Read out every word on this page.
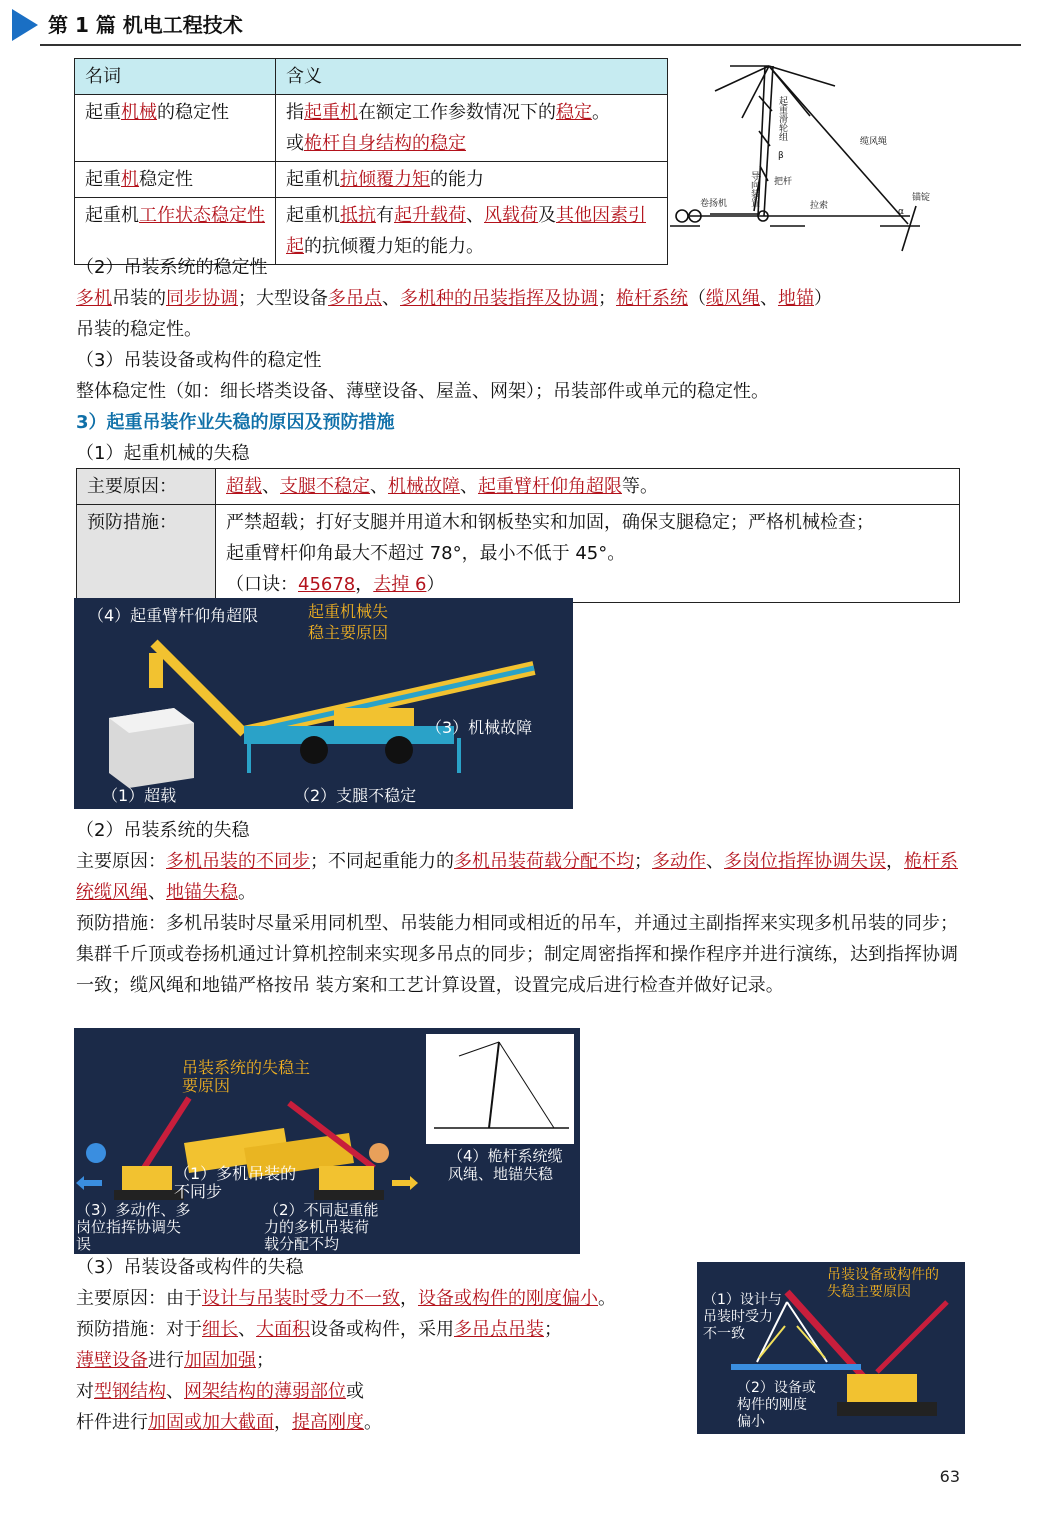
第 1 篇 机电工程技术
名词	含义
起重机械的稳定性	指起重机在额定工作参数情况下的稳定。
或桅杆自身结构的稳定
起重机稳定性	起重机抗倾覆力矩的能力
起重机工作状态稳定性	起重机抵抗有起升载荷、风载荷及其他因素引起的抗倾覆力矩的能力。
缆风绳
起重滑轮组
导向装置
卷扬机
把杆
拉索
锚锭
β
α
（2）吊装系统的稳定性
多机吊装的同步协调；大型设备多吊点、多机种的吊装指挥及协调；桅杆系统（缆风绳、地锚）
吊装的稳定性。
（3）吊装设备或构件的稳定性
整体稳定性（如：细长塔类设备、薄壁设备、屋盖、网架）；吊装部件或单元的稳定性。
3）起重吊装作业失稳的原因及预防措施
（1）起重机械的失稳
主要原因：	超载、支腿不稳定、机械故障、起重臂杆仰角超限等。
预防措施：	严禁超载；打好支腿并用道木和钢板垫实和加固，确保支腿稳定；严格机械检查；
起重臂杆仰角最大不超过 78°，最小不低于 45°。
（口诀：45678，去掉 6）
（4）起重臂杆仰角超限	起重机械失
稳主要原因
（3）机械故障
（1）超载	（2）支腿不稳定
（2）吊装系统的失稳
主要原因：多机吊装的不同步；不同起重能力的多机吊装荷载分配不均；多动作、多岗位指挥协调失误，桅杆系统缆风绳、地锚失稳。
预防措施：多机吊装时尽量采用同机型、吊装能力相同或相近的吊车，并通过主副指挥来实现多机吊装的同步；集群千斤顶或卷扬机通过计算机控制来实现多吊点的同步；制定周密指挥和操作程序并进行演练，达到指挥协调一致；缆风绳和地锚严格按吊 装方案和工艺计算设置，设置完成后进行检查并做好记录。
吊装系统的失稳主
要原因
（1）多机吊装的
不同步
（3）多动作、多
岗位指挥协调失
误
（2）不同起重能
力的多机吊装荷
载分配不均
（4）桅杆系统缆
风绳、地锚失稳
（3）吊装设备或构件的失稳
主要原因：由于设计与吊装时受力不一致，设备或构件的刚度偏小。
预防措施：对于细长、大面积设备或构件，采用多吊点吊装；
薄壁设备进行加固加强；
对型钢结构、网架结构的薄弱部位或
杆件进行加固或加大截面，提高刚度。
吊装设备或构件的
失稳主要原因
（1）设计与
吊装时受力
不一致
（2）设备或
构件的刚度
偏小
63
